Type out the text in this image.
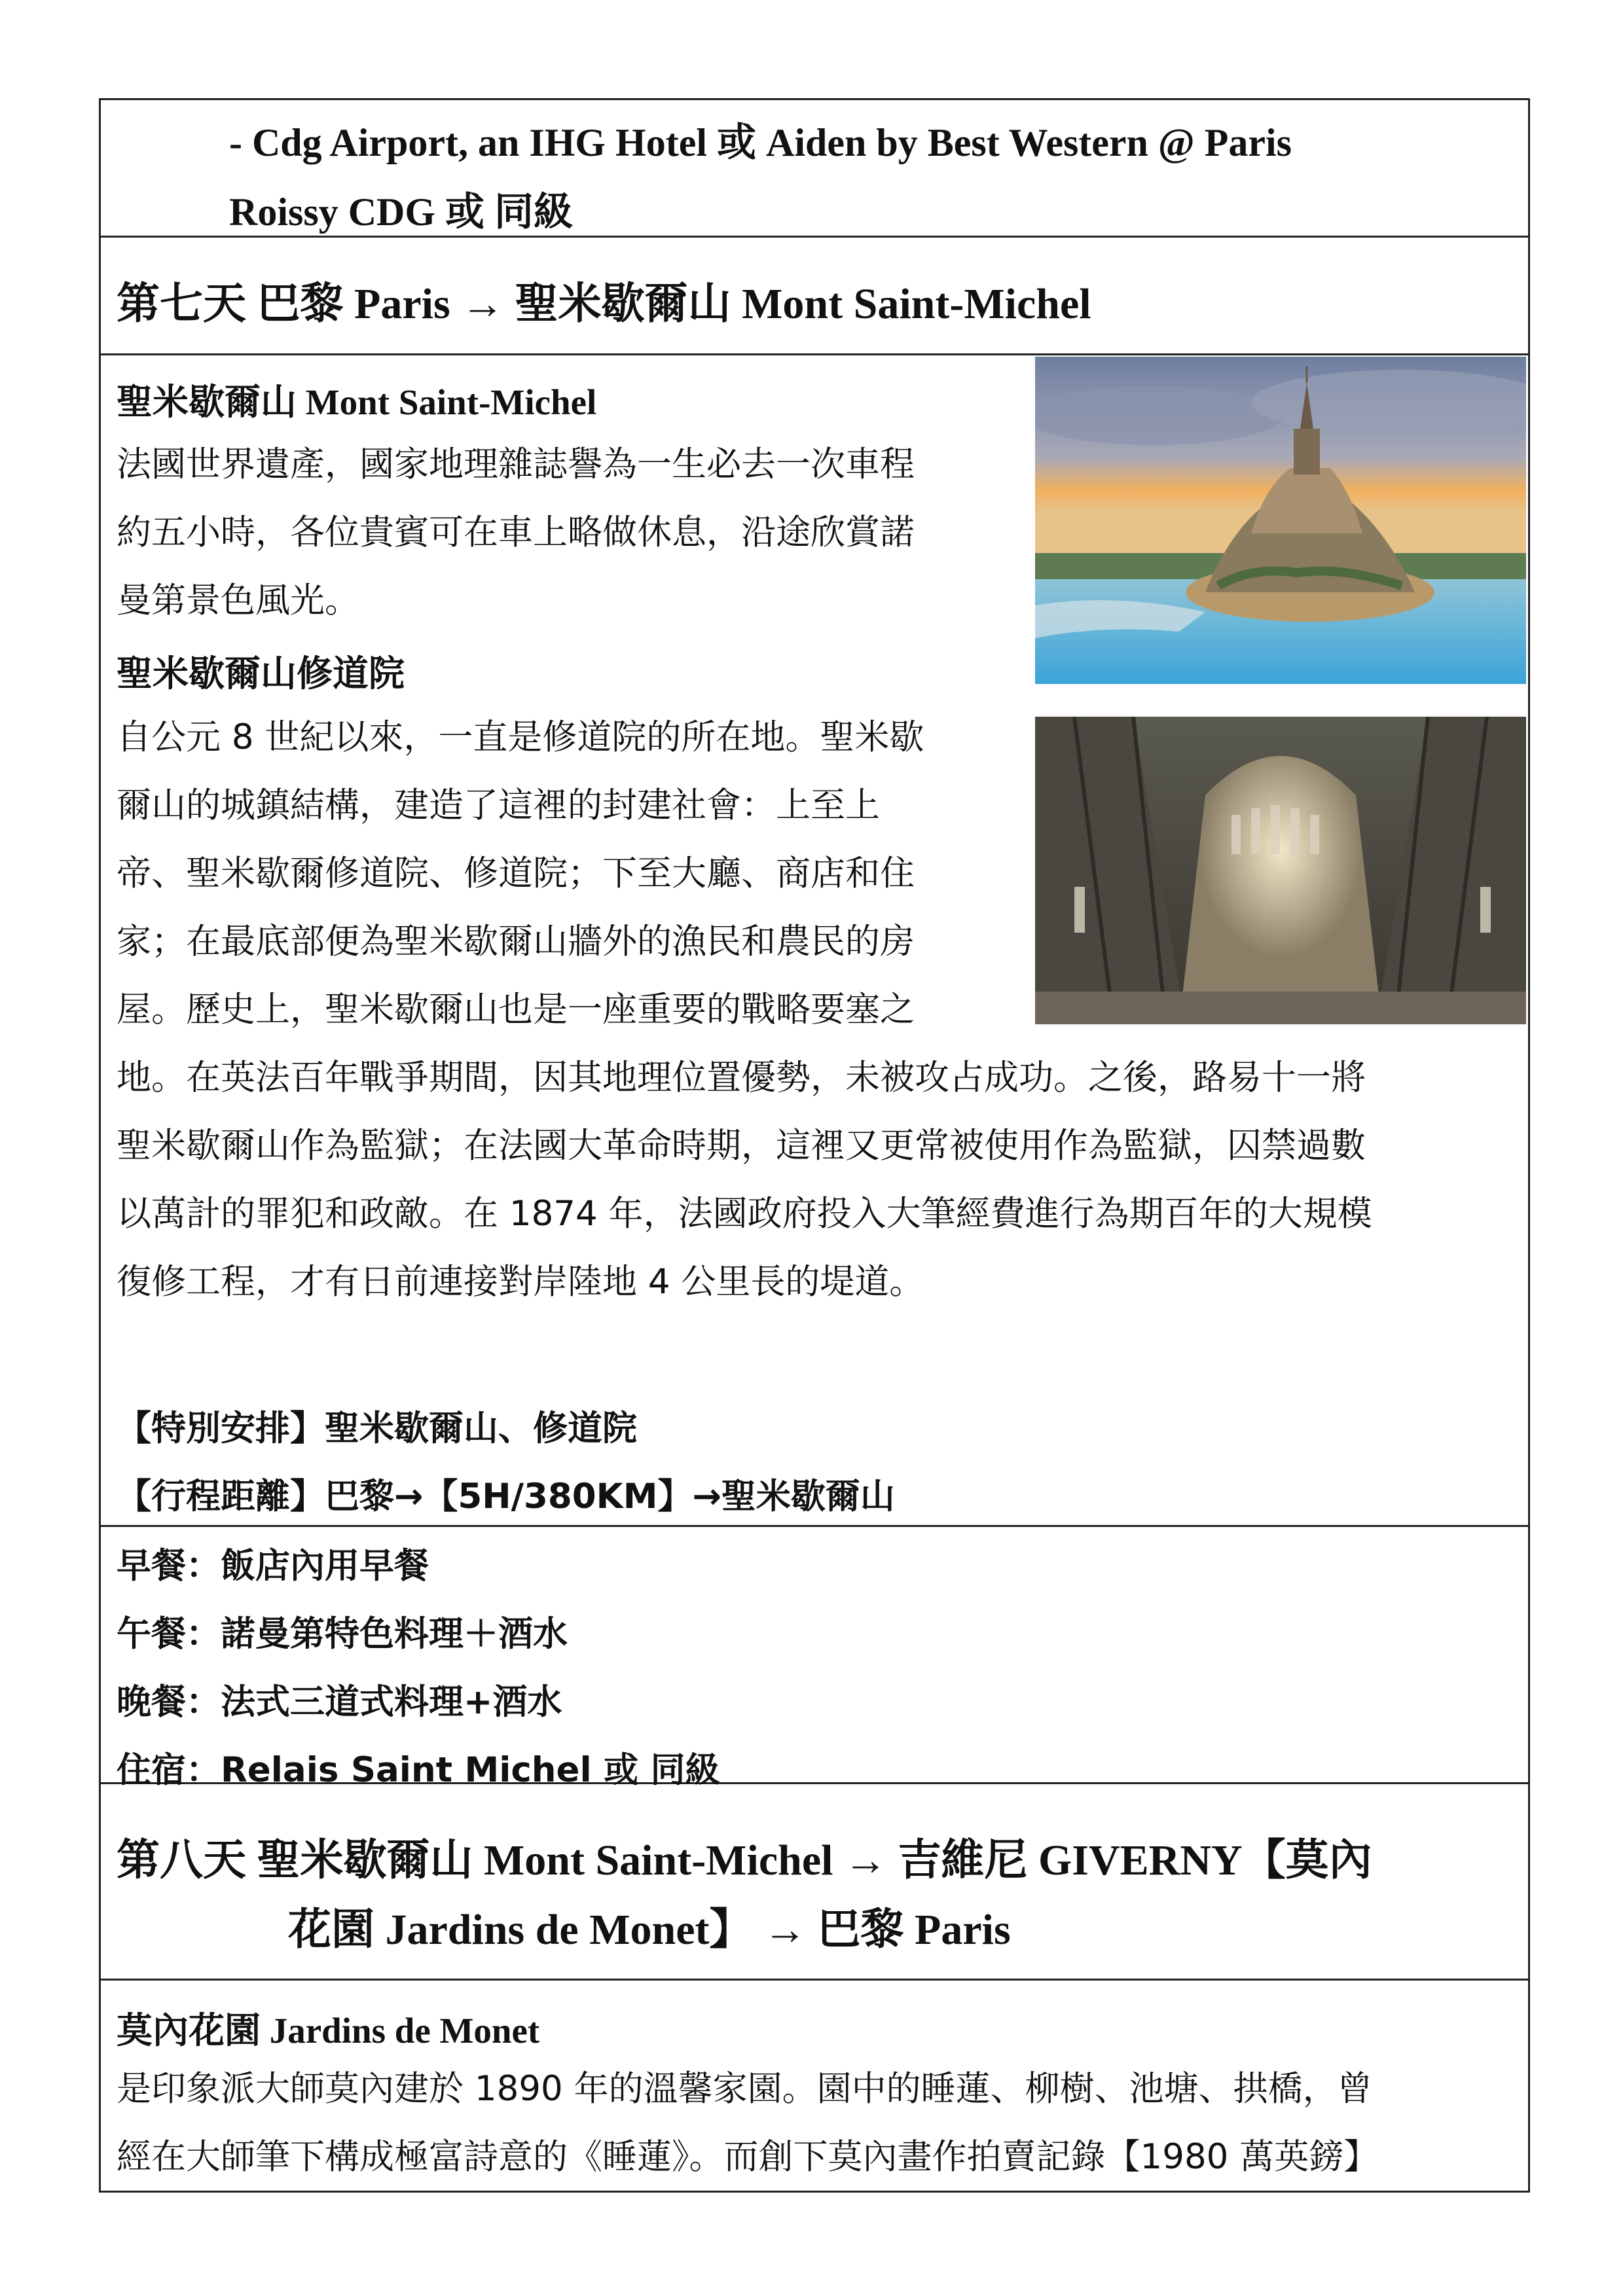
- Cdg Airport, an IHG Hotel 或 Aiden by Best Western @ Paris
Roissy CDG 或 同級
第七天 巴黎 Paris → 聖米歇爾山 Mont Saint-Michel
聖米歇爾山 Mont Saint-Michel
法國世界遺產，國家地理雜誌譽為一生必去一次車程
約五小時，各位貴賓可在車上略做休息，沿途欣賞諾
曼第景色風光。
聖米歇爾山修道院
自公元 8 世紀以來，一直是修道院的所在地。聖米歇
爾山的城鎮結構，建造了這裡的封建社會：上至上
帝、聖米歇爾修道院、修道院；下至大廳、商店和住
家；在最底部便為聖米歇爾山牆外的漁民和農民的房
屋。歷史上，聖米歇爾山也是一座重要的戰略要塞之
地。在英法百年戰爭期間，因其地理位置優勢，未被攻占成功。之後，路易十一將
聖米歇爾山作為監獄；在法國大革命時期，這裡又更常被使用作為監獄，囚禁過數
以萬計的罪犯和政敵。在 1874 年，法國政府投入大筆經費進行為期百年的大規模
復修工程，才有日前連接對岸陸地 4 公里長的堤道。
【特別安排】聖米歇爾山、修道院
【行程距離】巴黎→【5H/380KM】→聖米歇爾山
早餐：飯店內用早餐
午餐：諾曼第特色料理＋酒水
晚餐：法式三道式料理+酒水
住宿：Relais Saint Michel 或 同級
第八天 聖米歇爾山 Mont Saint-Michel → 吉維尼 GIVERNY【莫內
花園 Jardins de Monet】 → 巴黎 Paris
莫內花園 Jardins de Monet
是印象派大師莫內建於 1890 年的溫馨家園。園中的睡蓮、柳樹、池塘、拱橋，曾
經在大師筆下構成極富詩意的《睡蓮》。而創下莫內畫作拍賣記錄【1980 萬英鎊】
